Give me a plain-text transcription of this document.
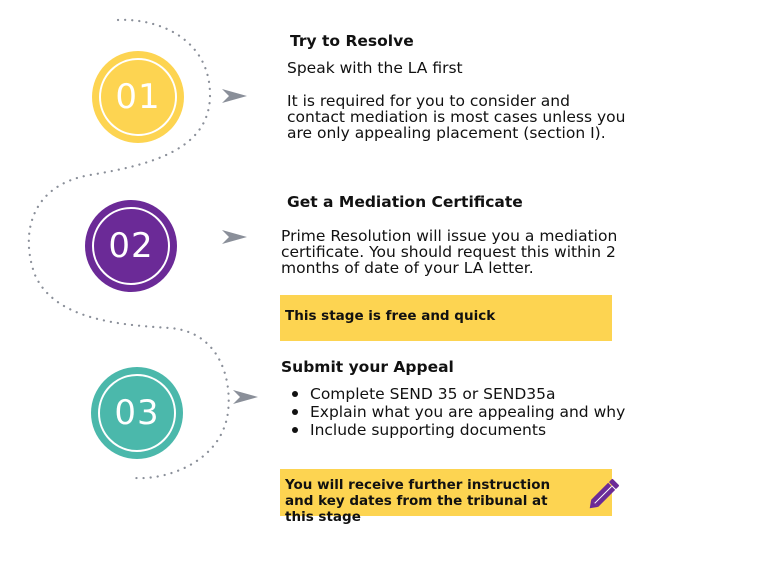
01
02
03
Try to Resolve
Speak with the LA first
It is required for you to consider and contact mediation is most cases unless you are only appealing placement (section I).
Get a Mediation Certificate
Prime Resolution will issue you a mediation certificate. You should request this within 2 months of date of your LA letter.
This stage is free and quick
Submit your Appeal
Complete SEND 35 or SEND35a
Explain what you are appealing and why
Include supporting documents
You will receive further instruction and key dates from the tribunal at this stage
